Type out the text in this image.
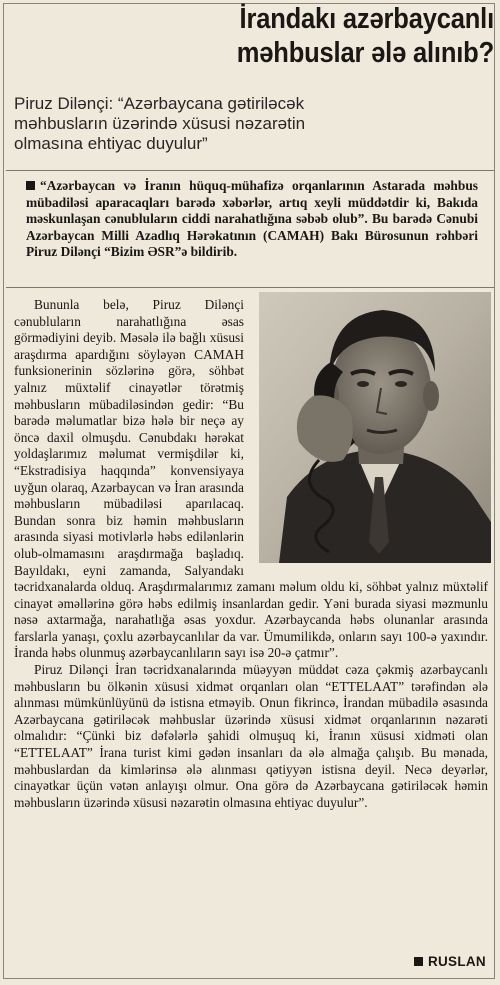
İrandakı azərbaycanlı
məhbuslar ələ alınıb?
Piruz Dilənçi: “Azərbaycana gətiriləcək məhbusların üzərində xüsusi nəzarətin olmasına ehtiyac duyulur”
“Azərbaycan və İranın hüquq-mühafizə orqanlarının Astarada məhbus mübadiləsi aparacaqları barədə xəbərlər, artıq xeyli müddətdir ki, Bakıda məskunlaşan cənubluların ciddi narahatlığına səbəb olub”. Bu barədə Cənubi Azərbaycan Milli Azadlıq Hərəkatının (CAMAH) Bakı Bürosunun rəhbəri Piruz Dilənçi “Bizim ƏSR”ə bildirib.

Bununla belə, Piruz Dilənçi cənubluların narahatlığına əsas görmədiyini deyib. Məsələ ilə bağlı xüsusi araşdırma apardığını söyləyən CAMAH funksionerinin sözlərinə görə, söhbət yalnız müxtəlif cinayətlər törətmiş məhbusların mübadiləsindən gedir: “Bu barədə məlumatlar bizə hələ bir neçə ay öncə daxil olmuşdu. Cənubdakı hərəkat yoldaşlarımız məlumat vermişdilər ki, “Ekstradisiya haqqında” konvensiyaya uyğun olaraq, Azərbaycan və İran arasında məhbusların mübadiləsi aparılacaq. Bundan sonra biz həmin məhbusların arasında siyasi motivlərlə həbs edilənlərin olub-olmamasını araşdırmağa başladıq. Bayıldakı, eyni zamanda, Salyandakı təcridxanalarda olduq. Araşdırmalarımız zamanı məlum oldu ki, söhbət yalnız müxtəlif cinayət əməllərinə görə həbs edilmiş insanlardan gedir. Yəni burada siyasi məzmunlu nəsə axtarmağa, narahatlığa əsas yoxdur. Azərbaycanda həbs olunanlar arasında farslarla yanaşı, çoxlu azərbaycanlılar da var. Ümumilikdə, onların sayı 100-ə yaxındır. İranda həbs olunmuş azərbaycanlıların sayı isə 20-ə çatmır”.

Piruz Dilənçi İran təcridxanalarında müəyyən müddət cəza çəkmiş azərbaycanlı məhbusların bu ölkənin xüsusi xidmət orqanları olan “ETTELAAT” tərəfindən ələ alınması mümkünlüyünü də istisna etməyib. Onun fikrincə, İrandan mübadilə əsasında Azərbaycana gətiriləcək məhbuslar üzərində xüsusi xidmət orqanlarının nəzarəti olmalıdır: “Çünki biz dəfələrlə şahidi olmuşuq ki, İranın xüsusi xidməti olan “ETTELAAT” İrana turist kimi gədən insanları da ələ almağa çalışıb. Bu mənada, məhbuslardan da kimlərinsə ələ alınması qətiyyən istisna deyil. Necə deyərlər, cinayətkar üçün vətən anlayışı olmur. Ona görə də Azərbaycana gətiriləcək həmin məhbusların üzərində xüsusi nəzarətin olmasına ehtiyac duyulur”.

RUSLAN
